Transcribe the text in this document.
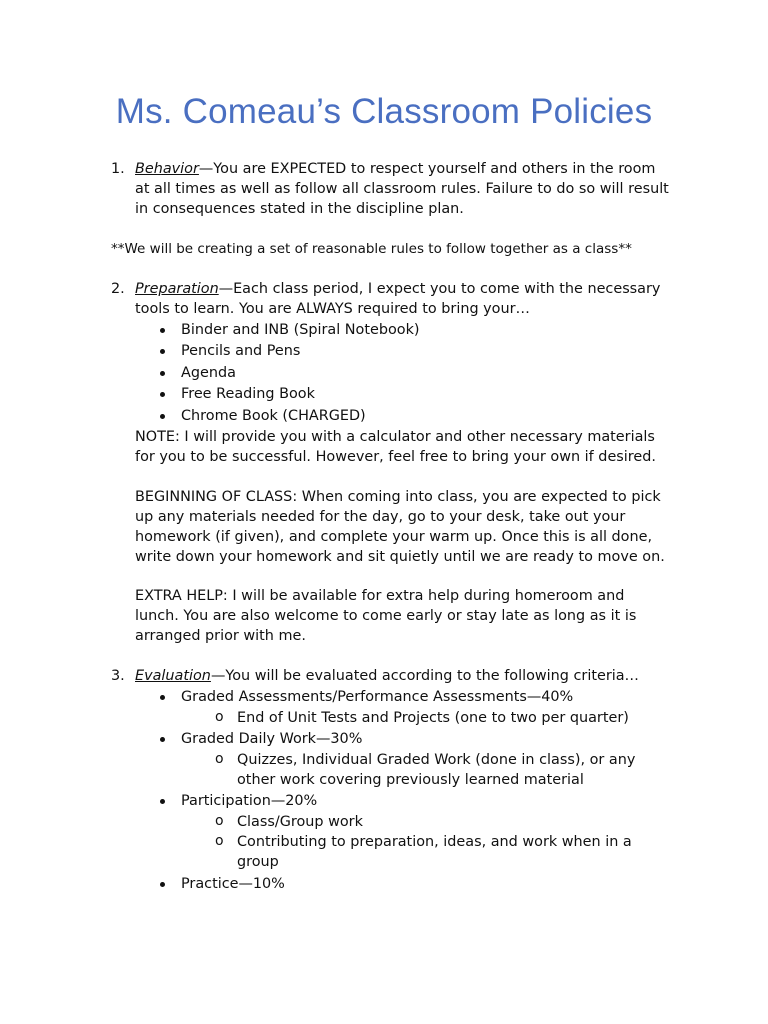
Ms. Comeau’s Classroom Policies
1. Behavior—You are EXPECTED to respect yourself and others in the room
at all times as well as follow all classroom rules. Failure to do so will result
in consequences stated in the discipline plan.
**We will be creating a set of reasonable rules to follow together as a class**
2. Preparation—Each class period, I expect you to come with the necessary
tools to learn. You are ALWAYS required to bring your…
Binder and INB (Spiral Notebook)
Pencils and Pens
Agenda
Free Reading Book
Chrome Book (CHARGED)
NOTE: I will provide you with a calculator and other necessary materials
for you to be successful. However, feel free to bring your own if desired.
BEGINNING OF CLASS: When coming into class, you are expected to pick
up any materials needed for the day, go to your desk, take out your
homework (if given), and complete your warm up. Once this is all done,
write down your homework and sit quietly until we are ready to move on.
EXTRA HELP: I will be available for extra help during homeroom and
lunch. You are also welcome to come early or stay late as long as it is
arranged prior with me.
3. Evaluation—You will be evaluated according to the following criteria…
Graded Assessments/Performance Assessments—40%
o End of Unit Tests and Projects (one to two per quarter)
Graded Daily Work—30%
o Quizzes, Individual Graded Work (done in class), or any
other work covering previously learned material
Participation—20%
o Class/Group work
o Contributing to preparation, ideas, and work when in a
group
Practice—10%
